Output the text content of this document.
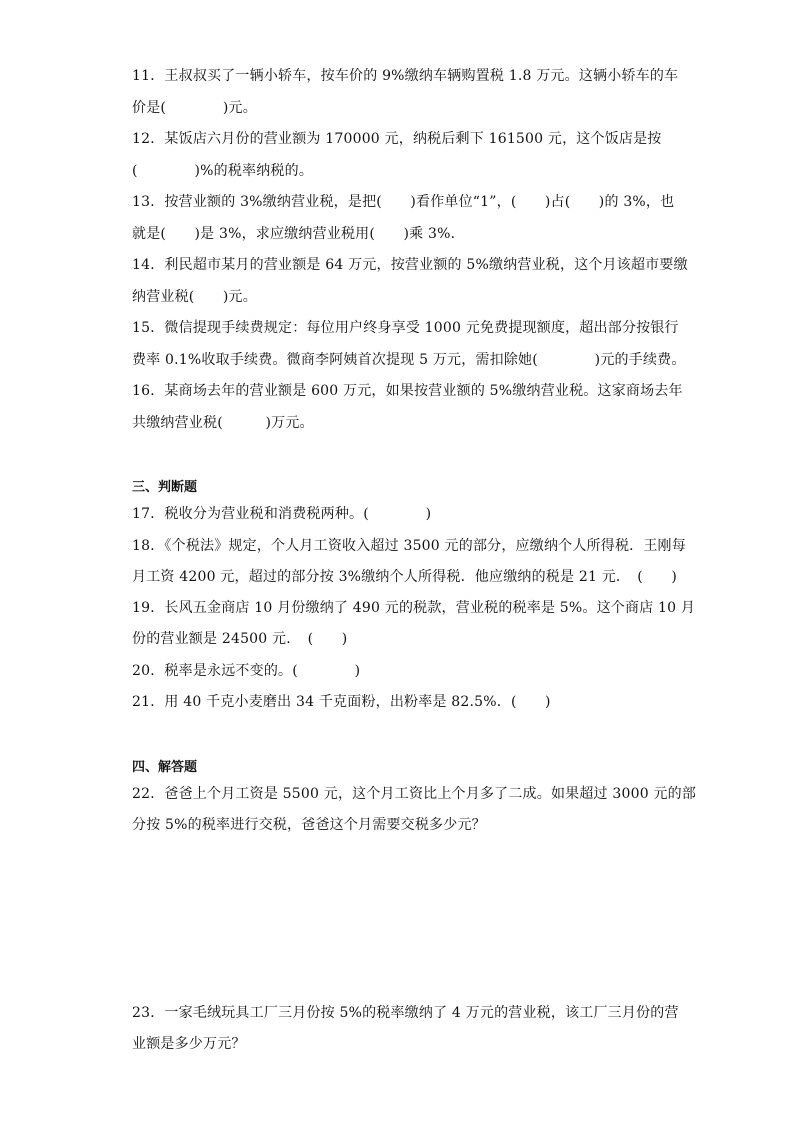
11．王叔叔买了一辆小轿车，按车价的 9%缴纳车辆购置税 1.8 万元。这辆小轿车的车
价是(　　　　)元。
12．某饭店六月份的营业额为 170000 元，纳税后剩下 161500 元，这个饭店是按
(　　　　)%的税率纳税的。
13．按营业额的 3%缴纳营业税，是把(　　)看作单位“1”，(　　)占(　　)的 3%，也
就是(　　)是 3%，求应缴纳营业税用(　　)乘 3%．
14．利民超市某月的营业额是 64 万元，按营业额的 5%缴纳营业税，这个月该超市要缴
纳营业税(　　)元。
15．微信提现手续费规定：每位用户终身享受 1000 元免费提现额度，超出部分按银行
费率 0.1%收取手续费。微商李阿姨首次提现 5 万元，需扣除她(　　　　)元的手续费。
16．某商场去年的营业额是 600 万元，如果按营业额的 5%缴纳营业税。这家商场去年
共缴纳营业税(　　　)万元。
三、判断题
17．税收分为营业税和消费税两种。(　　　　)
18．《个税法》规定，个人月工资收入超过 3500 元的部分，应缴纳个人所得税．王刚每
月工资 4200 元，超过的部分按 3%缴纳个人所得税．他应缴纳的税是 21 元．　(　　)
19．长风五金商店 10 月份缴纳了 490 元的税款，营业税的税率是 5%。这个商店 10 月
份的营业额是 24500 元．　(　　)
20．税率是永远不变的。(　　　　)
21．用 40 千克小麦磨出 34 千克面粉，出粉率是 82.5%．(　　)
四、解答题
22．爸爸上个月工资是 5500 元，这个月工资比上个月多了二成。如果超过 3000 元的部
分按 5%的税率进行交税，爸爸这个月需要交税多少元？
23．一家毛绒玩具工厂三月份按 5%的税率缴纳了 4 万元的营业税，该工厂三月份的营
业额是多少万元？
